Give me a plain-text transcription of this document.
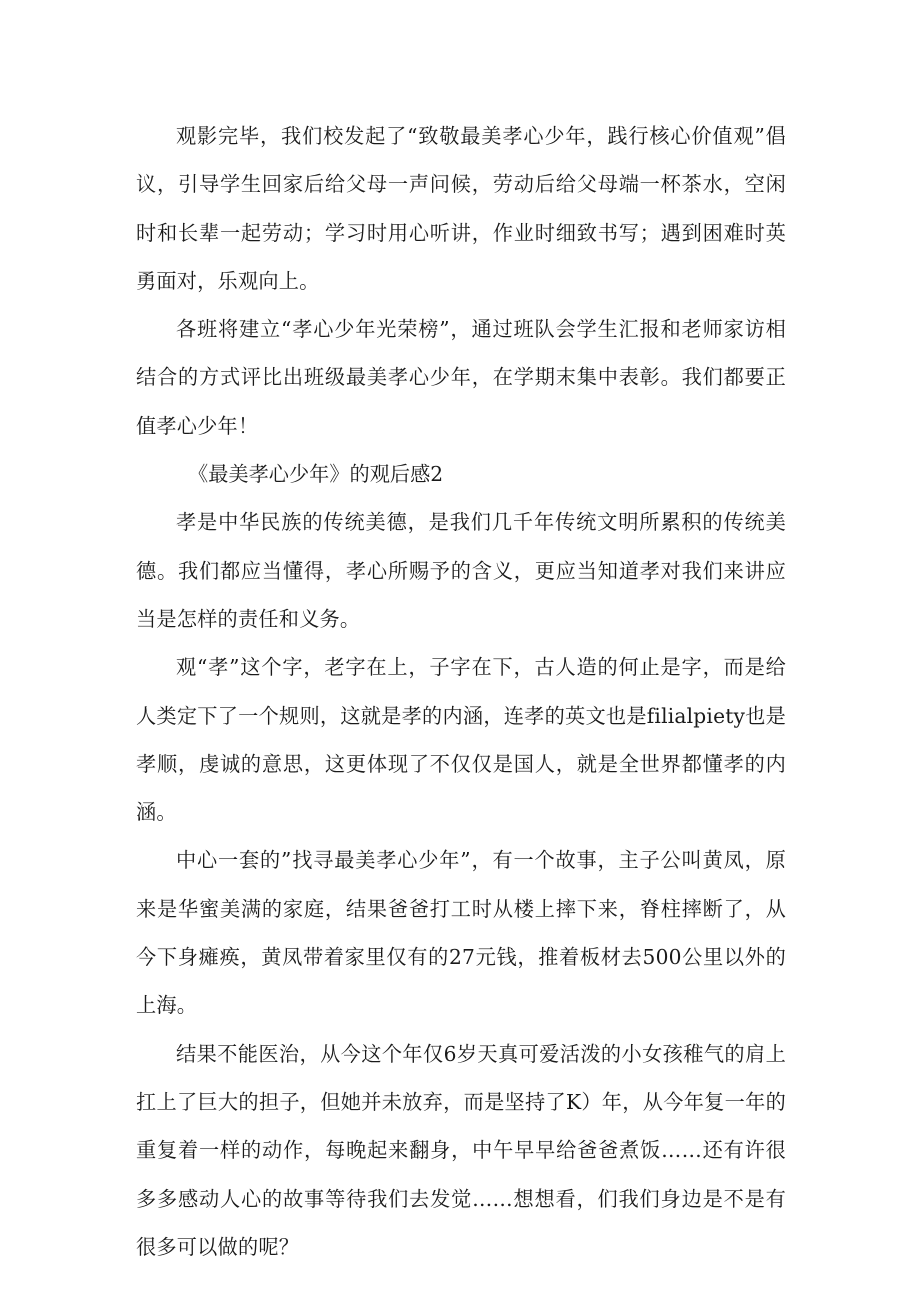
观影完毕，我们校发起了“致敬最美孝心少年，践行核心价值观”倡议，引导学生回家后给父母一声问候，劳动后给父母端一杯茶水，空闲时和长辈一起劳动；学习时用心听讲，作业时细致书写；遇到困难时英勇面对，乐观向上。

各班将建立“孝心少年光荣榜”，通过班队会学生汇报和老师家访相结合的方式评比出班级最美孝心少年，在学期末集中表彰。我们都要正值孝心少年！

《最美孝心少年》的观后感2

孝是中华民族的传统美德，是我们几千年传统文明所累积的传统美德。我们都应当懂得，孝心所赐予的含义，更应当知道孝对我们来讲应当是怎样的责任和义务。

观“孝”这个字，老字在上，子字在下，古人造的何止是字，而是给人类定下了一个规则，这就是孝的内涵，连孝的英文也是filialpiety也是孝顺，虔诚的意思，这更体现了不仅仅是国人，就是全世界都懂孝的内涵。

中心一套的”找寻最美孝心少年”，有一个故事，主子公叫黄凤，原来是华蜜美满的家庭，结果爸爸打工时从楼上摔下来，脊柱摔断了，从今下身瘫痪，黄凤带着家里仅有的27元钱，推着板材去500公里以外的上海。

结果不能医治，从今这个年仅6岁天真可爱活泼的小女孩稚气的肩上扛上了巨大的担子，但她并未放弃，而是坚持了K）年，从今年复一年的重复着一样的动作，每晚起来翻身，中午早早给爸爸煮饭……还有许很多多感动人心的故事等待我们去发觉……想想看，们我们身边是不是有很多可以做的呢？
